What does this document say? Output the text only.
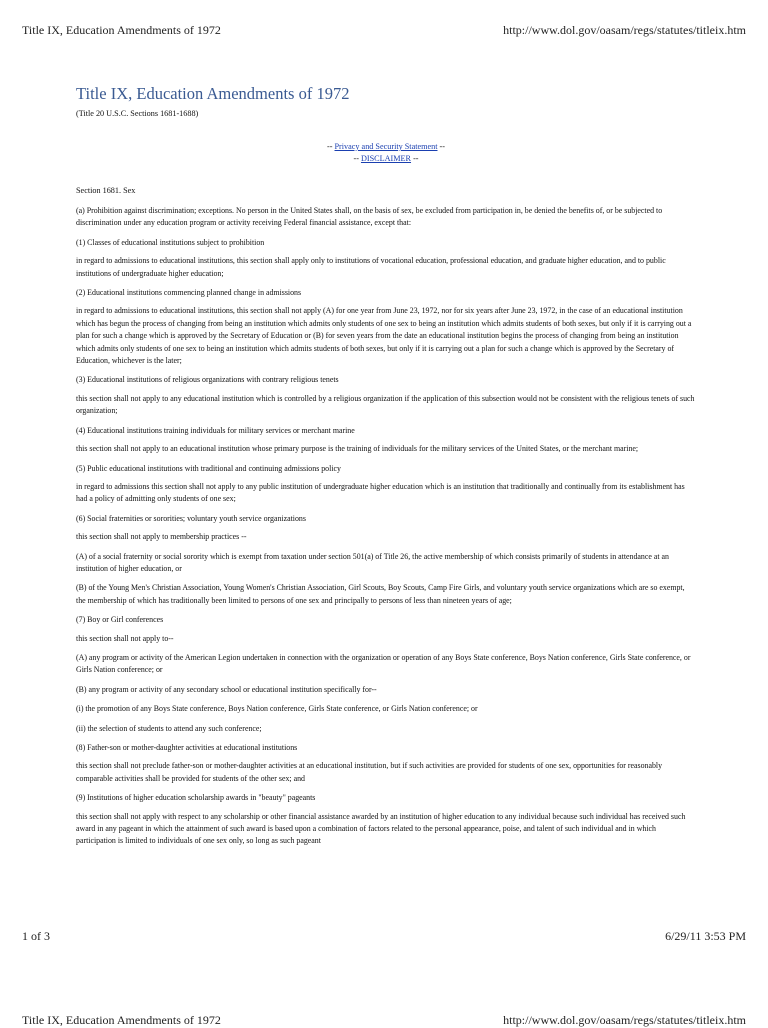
Title IX, Education Amendments of 1972	http://www.dol.gov/oasam/regs/statutes/titleix.htm
Title IX, Education Amendments of 1972
(Title 20 U.S.C. Sections 1681-1688)
-- Privacy and Security Statement --
-- DISCLAIMER --
Section 1681. Sex

(a) Prohibition against discrimination; exceptions. No person in the United States shall, on the basis of sex, be excluded from participation in, be denied the benefits of, or be subjected to discrimination under any education program or activity receiving Federal financial assistance, except that:

(1) Classes of educational institutions subject to prohibition

in regard to admissions to educational institutions, this section shall apply only to institutions of vocational education, professional education, and graduate higher education, and to public institutions of undergraduate higher education;

(2) Educational institutions commencing planned change in admissions

in regard to admissions to educational institutions, this section shall not apply (A) for one year from June 23, 1972, nor for six years after June 23, 1972, in the case of an educational institution which has begun the process of changing from being an institution which admits only students of one sex to being an institution which admits students of both sexes, but only if it is carrying out a plan for such a change which is approved by the Secretary of Education or (B) for seven years from the date an educational institution begins the process of changing from being an institution which admits only students of one sex to being an institution which admits students of both sexes, but only if it is carrying out a plan for such a change which is approved by the Secretary of Education, whichever is the later;

(3) Educational institutions of religious organizations with contrary religious tenets

this section shall not apply to any educational institution which is controlled by a religious organization if the application of this subsection would not be consistent with the religious tenets of such organization;

(4) Educational institutions training individuals for military services or merchant marine

this section shall not apply to an educational institution whose primary purpose is the training of individuals for the military services of the United States, or the merchant marine;

(5) Public educational institutions with traditional and continuing admissions policy

in regard to admissions this section shall not apply to any public institution of undergraduate higher education which is an institution that traditionally and continually from its establishment has had a policy of admitting only students of one sex;

(6) Social fraternities or sororities; voluntary youth service organizations

this section shall not apply to membership practices --

(A) of a social fraternity or social sorority which is exempt from taxation under section 501(a) of Title 26, the active membership of which consists primarily of students in attendance at an institution of higher education, or

(B) of the Young Men's Christian Association, Young Women's Christian Association, Girl Scouts, Boy Scouts, Camp Fire Girls, and voluntary youth service organizations which are so exempt, the membership of which has traditionally been limited to persons of one sex and principally to persons of less than nineteen years of age;

(7) Boy or Girl conferences

this section shall not apply to--

(A) any program or activity of the American Legion undertaken in connection with the organization or operation of any Boys State conference, Boys Nation conference, Girls State conference, or Girls Nation conference; or

(B) any program or activity of any secondary school or educational institution specifically for--

(i) the promotion of any Boys State conference, Boys Nation conference, Girls State conference, or Girls Nation conference; or

(ii) the selection of students to attend any such conference;

(8) Father-son or mother-daughter activities at educational institutions

this section shall not preclude father-son or mother-daughter activities at an educational institution, but if such activities are provided for students of one sex, opportunities for reasonably comparable activities shall be provided for students of the other sex; and

(9) Institutions of higher education scholarship awards in "beauty" pageants

this section shall not apply with respect to any scholarship or other financial assistance awarded by an institution of higher education to any individual because such individual has received such award in any pageant in which the attainment of such award is based upon a combination of factors related to the personal appearance, poise, and talent of such individual and in which participation is limited to individuals of one sex only, so long as such pageant

1 of 3	6/29/11 3:53 PM
Title IX, Education Amendments of 1972	http://www.dol.gov/oasam/regs/statutes/titleix.htm
